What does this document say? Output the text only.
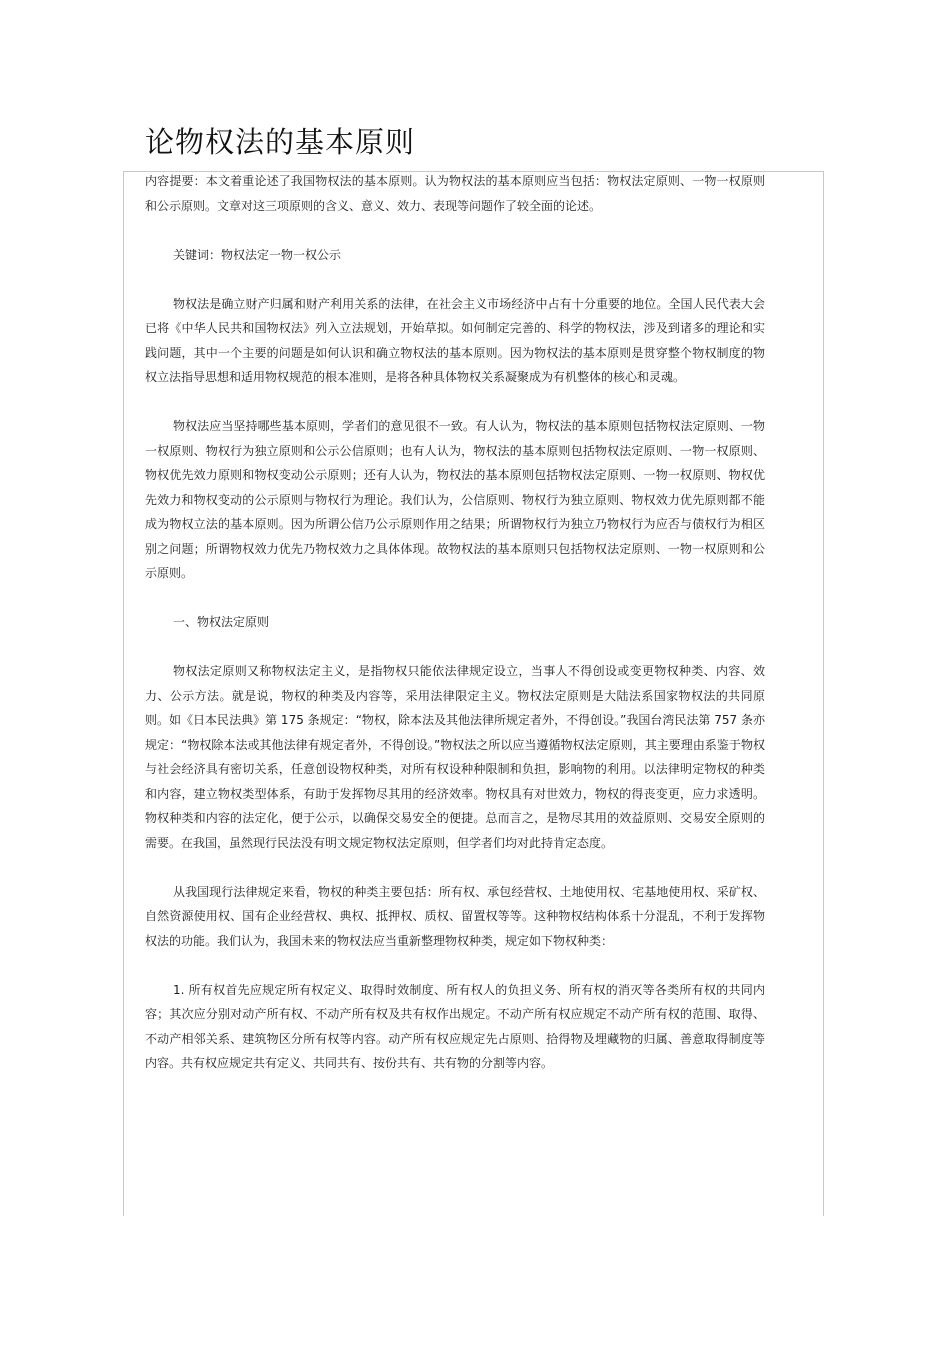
论物权法的基本原则

内容提要：本文着重论述了我国物权法的基本原则。认为物权法的基本原则应当包括：物权法定原则、一物一权原则和公示原则。文章对这三项原则的含义、意义、效力、表现等问题作了较全面的论述。

关键词：物权法定一物一权公示

物权法是确立财产归属和财产利用关系的法律，在社会主义市场经济中占有十分重要的地位。全国人民代表大会已将《中华人民共和国物权法》列入立法规划，开始草拟。如何制定完善的、科学的物权法，涉及到诸多的理论和实践问题，其中一个主要的问题是如何认识和确立物权法的基本原则。因为物权法的基本原则是贯穿整个物权制度的物权立法指导思想和适用物权规范的根本准则，是将各种具体物权关系凝聚成为有机整体的核心和灵魂。

物权法应当坚持哪些基本原则，学者们的意见很不一致。有人认为，物权法的基本原则包括物权法定原则、一物一权原则、物权行为独立原则和公示公信原则；也有人认为，物权法的基本原则包括物权法定原则、一物一权原则、物权优先效力原则和物权变动公示原则；还有人认为，物权法的基本原则包括物权法定原则、一物一权原则、物权优先效力和物权变动的公示原则与物权行为理论。我们认为，公信原则、物权行为独立原则、物权效力优先原则都不能成为物权立法的基本原则。因为所谓公信乃公示原则作用之结果；所谓物权行为独立乃物权行为应否与债权行为相区别之问题；所谓物权效力优先乃物权效力之具体体现。故物权法的基本原则只包括物权法定原则、一物一权原则和公示原则。

一、物权法定原则

物权法定原则又称物权法定主义，是指物权只能依法律规定设立，当事人不得创设或变更物权种类、内容、效力、公示方法。就是说，物权的种类及内容等，采用法律限定主义。物权法定原则是大陆法系国家物权法的共同原则。如《日本民法典》第 175 条规定：“物权，除本法及其他法律所规定者外，不得创设。”我国台湾民法第 757 条亦规定：“物权除本法或其他法律有规定者外，不得创设。”物权法之所以应当遵循物权法定原则，其主要理由系鉴于物权与社会经济具有密切关系，任意创设物权种类，对所有权设种种限制和负担，影响物的利用。以法律明定物权的种类和内容，建立物权类型体系，有助于发挥物尽其用的经济效率。物权具有对世效力，物权的得丧变更，应力求透明。物权种类和内容的法定化，便于公示，以确保交易安全的便捷。总而言之，是物尽其用的效益原则、交易安全原则的需要。在我国，虽然现行民法没有明文规定物权法定原则，但学者们均对此持肯定态度。

从我国现行法律规定来看，物权的种类主要包括：所有权、承包经营权、土地使用权、宅基地使用权、采矿权、自然资源使用权、国有企业经营权、典权、抵押权、质权、留置权等等。这种物权结构体系十分混乱，不利于发挥物权法的功能。我们认为，我国未来的物权法应当重新整理物权种类，规定如下物权种类：

1. 所有权首先应规定所有权定义、取得时效制度、所有权人的负担义务、所有权的消灭等各类所有权的共同内容；其次应分别对动产所有权、不动产所有权及共有权作出规定。不动产所有权应规定不动产所有权的范围、取得、不动产相邻关系、建筑物区分所有权等内容。动产所有权应规定先占原则、拾得物及埋藏物的归属、善意取得制度等内容。共有权应规定共有定义、共同共有、按份共有、共有物的分割等内容。
